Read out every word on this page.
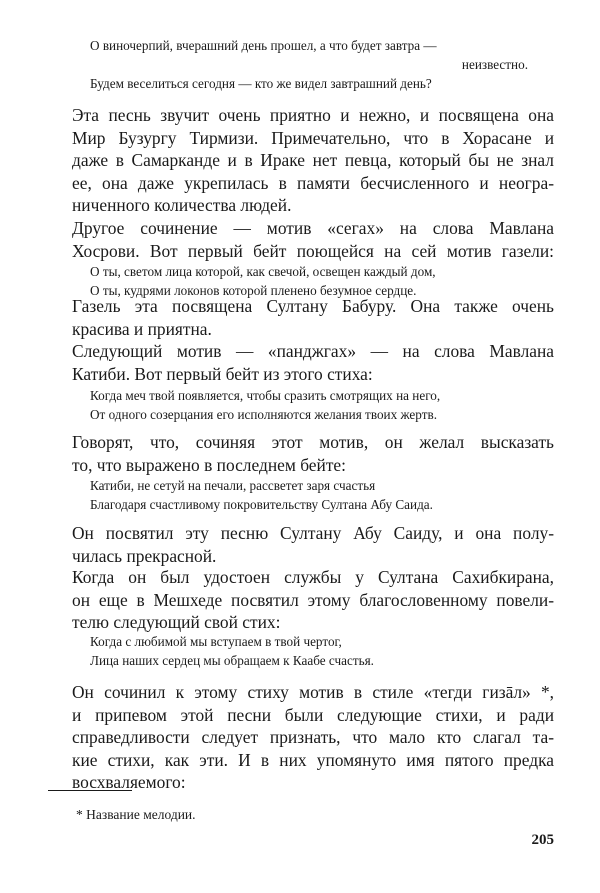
О виночерпий, вчерашний день прошел, а что будет завтра —
неизвестно.
Будем веселиться сегодня — кто же видел завтрашний день?
Эта песнь звучит очень приятно и нежно, и посвящена она
Мир Бузургу Тирмизи. Примечательно, что в Хорасане и
даже в Самарканде и в Ираке нет певца, который бы не знал
ее, она даже укрепилась в памяти бесчисленного и неогра-
ниченного количества людей.
Другое сочинение — мотив «сегах» на слова Мавлана
Хосрови. Вот первый бейт поющейся на сей мотив газели:
О ты, светом лица которой, как свечой, освещен каждый дом,
О ты, кудрями локонов которой пленено безумное сердце.
Газель эта посвящена Султану Бабуру. Она также очень
красива и приятна.
Следующий мотив — «панджгах» — на слова Мавлана
Катиби. Вот первый бейт из этого стиха:
Когда меч твой появляется, чтобы сразить смотрящих на него,
От одного созерцания его исполняются желания твоих жертв.
Говорят, что, сочиняя этот мотив, он желал высказать
то, что выражено в последнем бейте:
Катиби, не сетуй на печали, рассветет заря счастья
Благодаря счастливому покровительству Султана Абу Саида.
Он посвятил эту песню Султану Абу Саиду, и она полу-
чилась прекрасной.
Когда он был удостоен службы у Султана Сахибкирана,
он еще в Мешхеде посвятил этому благословенному повели-
телю следующий свой стих:
Когда с любимой мы вступаем в твой чертог,
Лица наших сердец мы обращаем к Каабе счастья.
Он сочинил к этому стиху мотив в стиле «тегди гизāл» *,
и припевом этой песни были следующие стихи, и ради
справедливости следует признать, что мало кто слагал та-
кие стихи, как эти. И в них упомянуто имя пятого предка
восхваляемого:
* Название мелодии.
205
